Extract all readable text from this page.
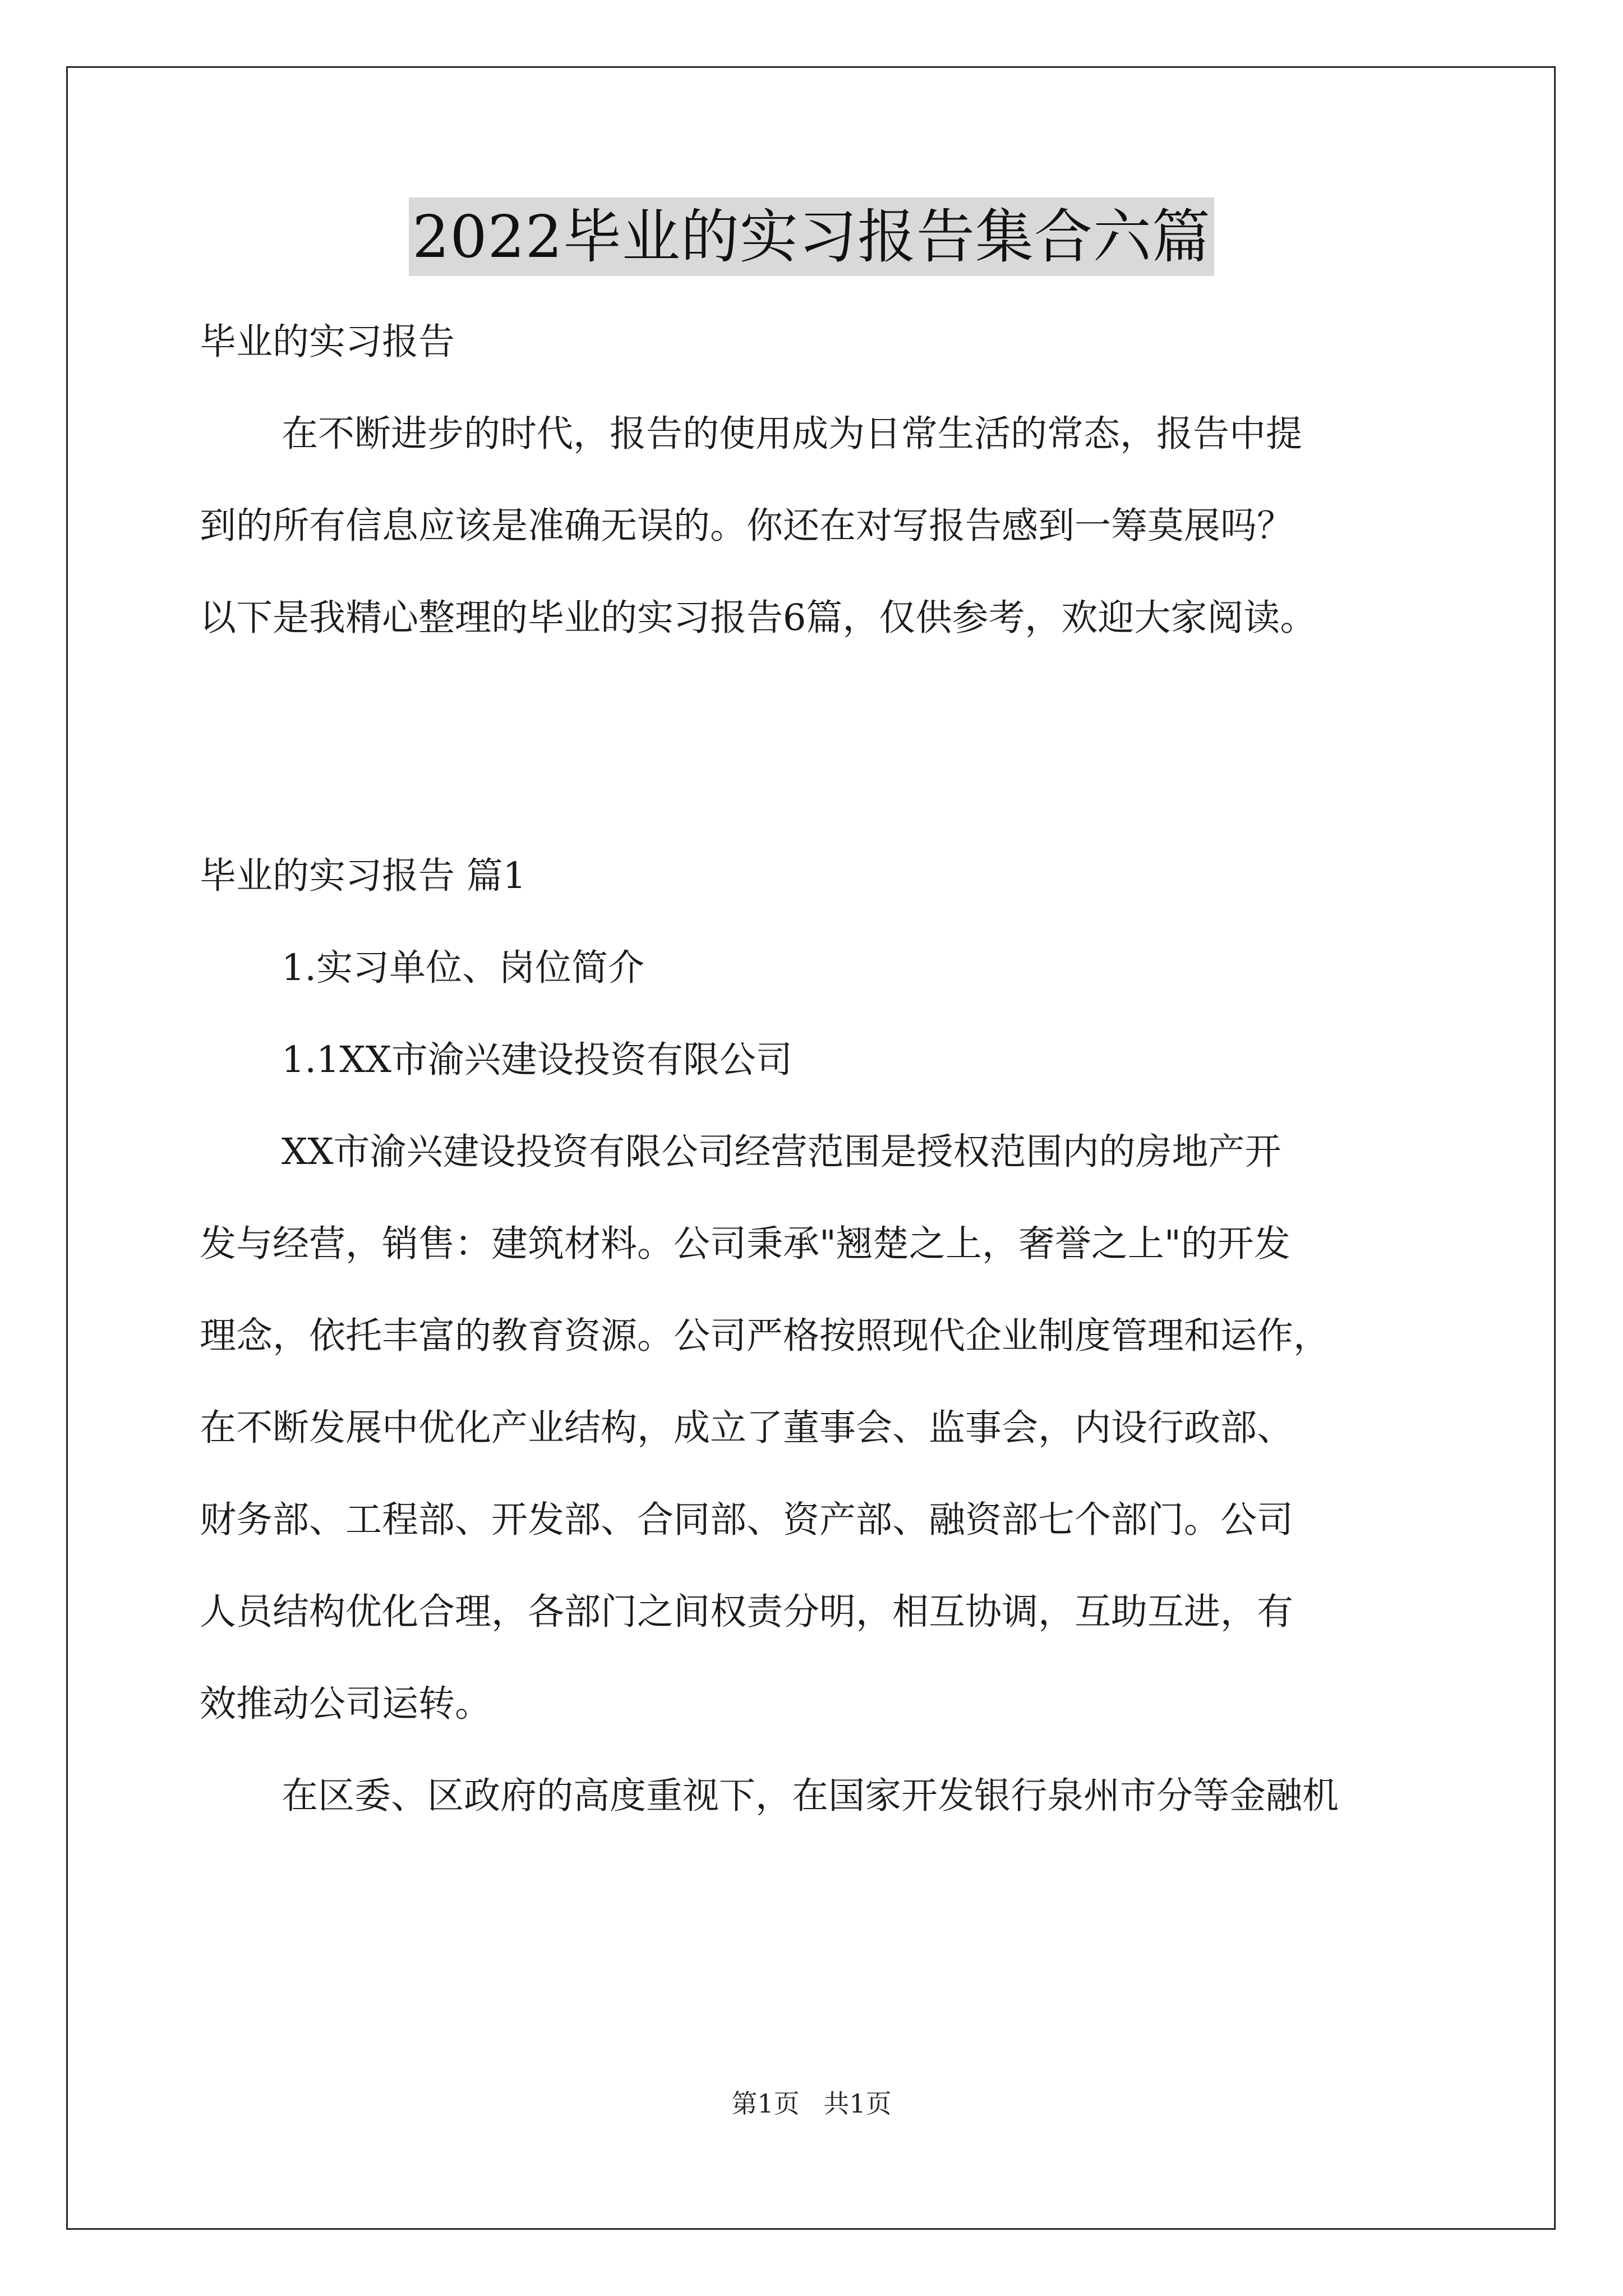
2022毕业的实习报告集合六篇
毕业的实习报告
在不断进步的时代，报告的使用成为日常生活的常态，报告中提
到的所有信息应该是准确无误的。你还在对写报告感到一筹莫展吗？
以下是我精心整理的毕业的实习报告6篇，仅供参考，欢迎大家阅读。
毕业的实习报告 篇1
1.实习单位、岗位简介
1.1XX市渝兴建设投资有限公司
XX市渝兴建设投资有限公司经营范围是授权范围内的房地产开
发与经营，销售：建筑材料。公司秉承"翘楚之上，奢誉之上"的开发
理念，依托丰富的教育资源。公司严格按照现代企业制度管理和运作，
在不断发展中优化产业结构，成立了董事会、监事会，内设行政部、
财务部、工程部、开发部、合同部、资产部、融资部七个部门。公司
人员结构优化合理，各部门之间权责分明，相互协调，互助互进，有
效推动公司运转。
在区委、区政府的高度重视下，在国家开发银行泉州市分等金融机
第1页 共1页
